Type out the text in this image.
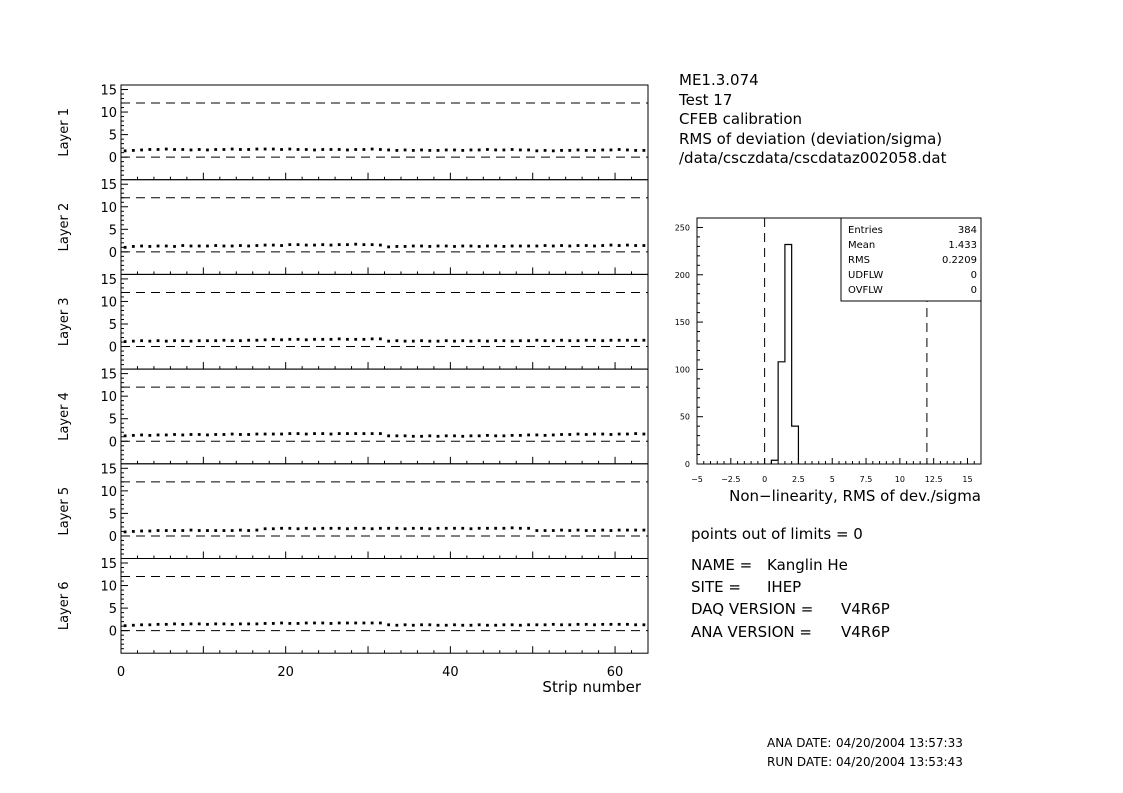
0
5
10
15
Layer 1
0
5
10
15
Layer 2
0
5
10
15
Layer 3
0
5
10
15
Layer 4
0
5
10
15
Layer 5
0
5
10
15
Layer 6
0	20	40	60
Strip number
0
50
100
150
200
250
−5 −2.5	0	2.5	5	7.5	10 12.5 15
Entries	384
Mean	1.433
RMS	0.2209
UDFLW	0
OVFLW	0
Non−linearity, RMS of dev./sigma
ME1.3.074
Test 17
CFEB calibration
RMS of deviation (deviation/sigma)
/data/csczdata/cscdataz002058.dat
points out of limits = 0
NAME = Kanglin He
SITE = IHEP
DAQ VERSION = V4R6P
ANA VERSION = V4R6P
ANA DATE: 04/20/2004 13:57:33
RUN DATE: 04/20/2004 13:53:43
